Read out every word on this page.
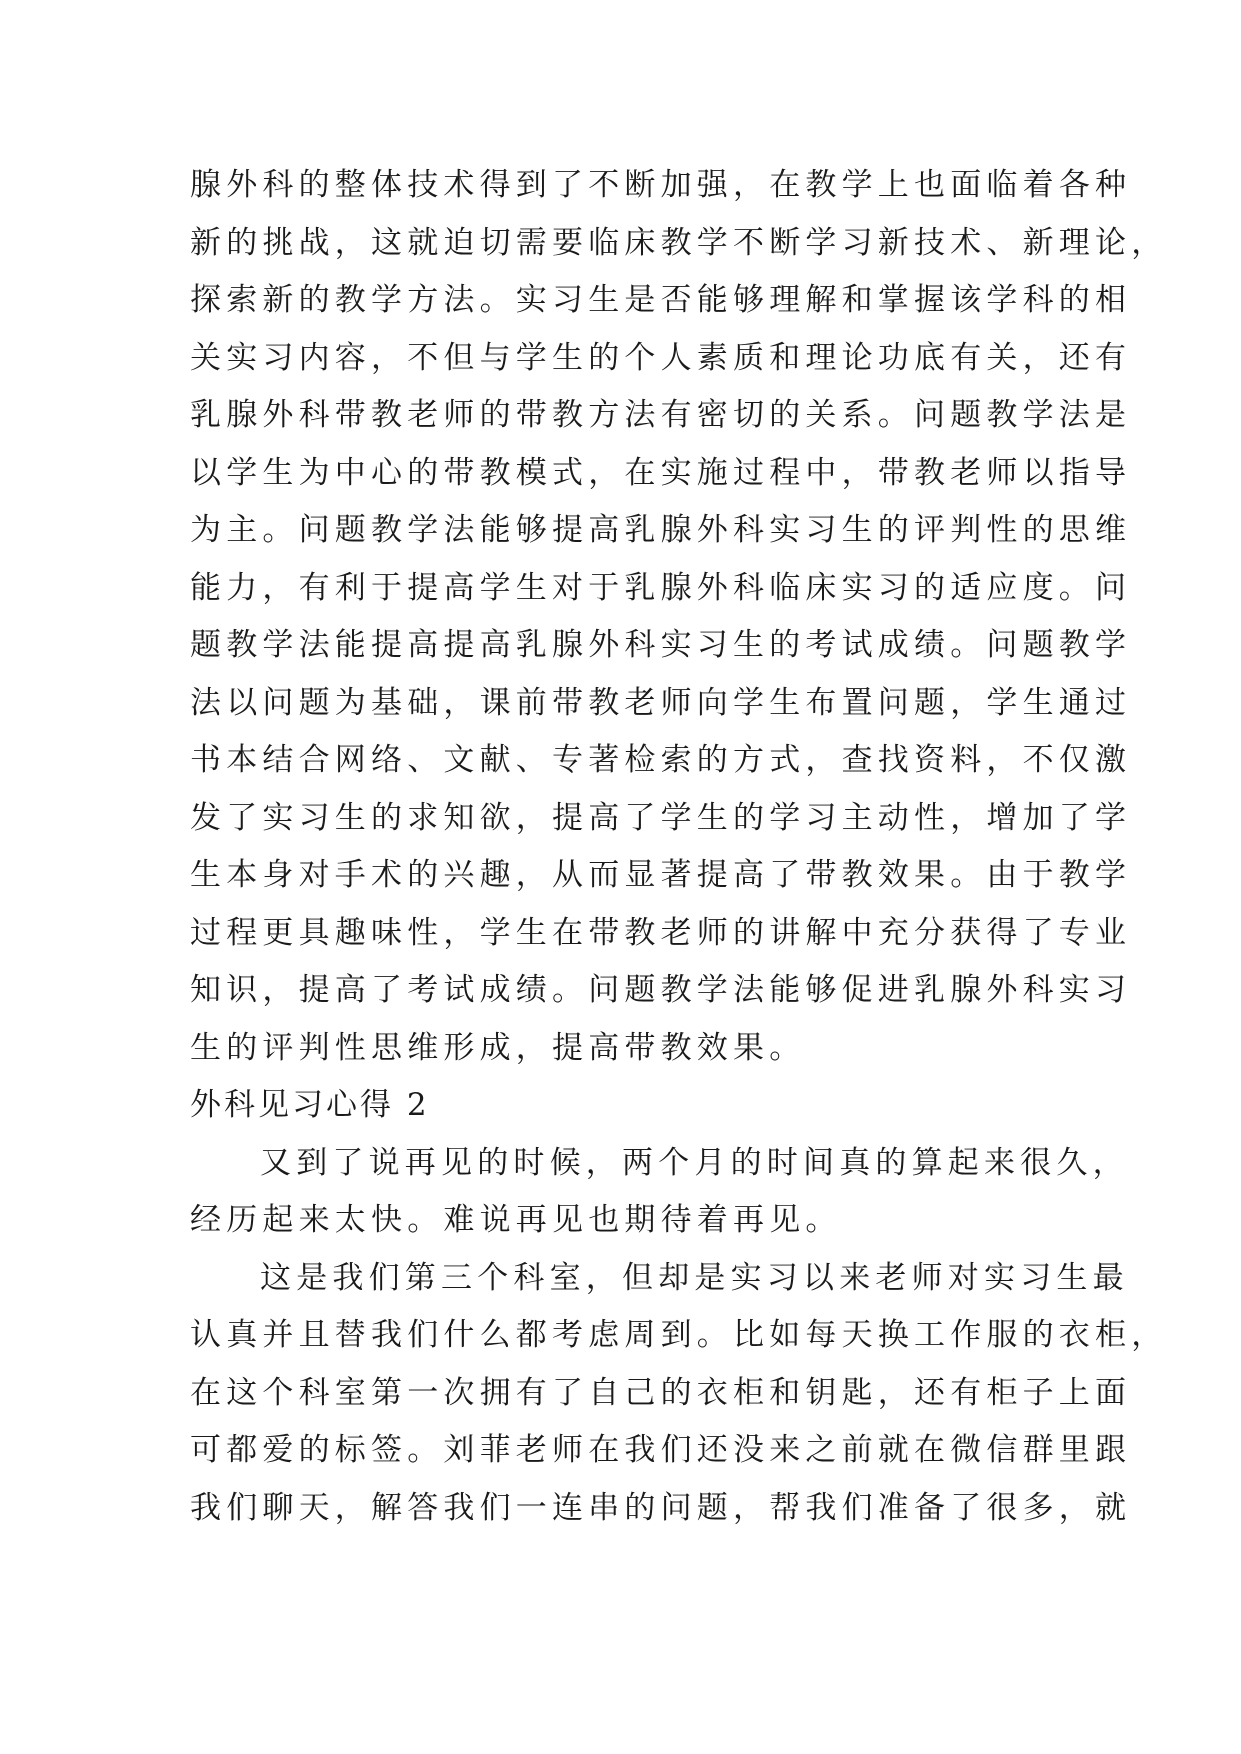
腺外科的整体技术得到了不断加强，在教学上也面临着各种
新的挑战，这就迫切需要临床教学不断学习新技术、新理论，
探索新的教学方法。实习生是否能够理解和掌握该学科的相
关实习内容，不但与学生的个人素质和理论功底有关，还有
乳腺外科带教老师的带教方法有密切的关系。问题教学法是
以学生为中心的带教模式，在实施过程中，带教老师以指导
为主。问题教学法能够提高乳腺外科实习生的评判性的思维
能力，有利于提高学生对于乳腺外科临床实习的适应度。问
题教学法能提高提高乳腺外科实习生的考试成绩。问题教学
法以问题为基础，课前带教老师向学生布置问题，学生通过
书本结合网络、文献、专著检索的方式，查找资料，不仅激
发了实习生的求知欲，提高了学生的学习主动性，增加了学
生本身对手术的兴趣，从而显著提高了带教效果。由于教学
过程更具趣味性，学生在带教老师的讲解中充分获得了专业
知识，提高了考试成绩。问题教学法能够促进乳腺外科实习
生的评判性思维形成，提高带教效果。
外科见习心得 2
又到了说再见的时候，两个月的时间真的算起来很久，
经历起来太快。难说再见也期待着再见。
这是我们第三个科室，但却是实习以来老师对实习生最
认真并且替我们什么都考虑周到。比如每天换工作服的衣柜，
在这个科室第一次拥有了自己的衣柜和钥匙，还有柜子上面
可都爱的标签。刘菲老师在我们还没来之前就在微信群里跟
我们聊天，解答我们一连串的问题，帮我们准备了很多，就
